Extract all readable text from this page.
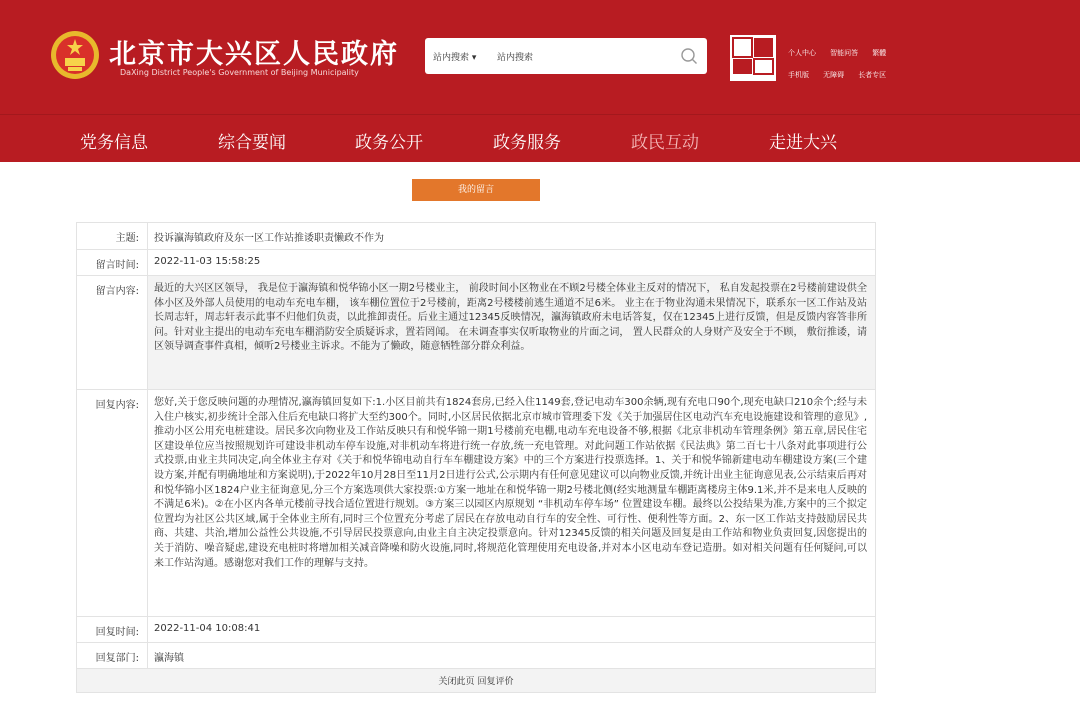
北京市大兴区人民政府
DaXing District People's Government of Beijing Municipality
站内搜索 ▾ 站内搜索	个人中心 智能问答 繁體
手机版 无障碍 长者专区
党务信息	综合要闻	政务公开	政务服务	政民互动	走进大兴
我的留言
主题:	投诉瀛海镇政府及东一区工作站推诿职责懒政不作为
留言时间:	2022-11-03 15:58:25
留言内容:	最近的大兴区区领导， 我是位于瀛海镇和悦华锦小区一期2号楼业主， 前段时间小区物业在不顾2号楼全体业主反对的情况下， 私自发起投票在2号楼前建设供全体小区及外部人员使用的电动车充电车棚， 该车棚位置位于2号楼前，距离2号楼楼前逃生通道不足6米。 业主在于物业沟通未果情况下，联系东一区工作站及站长周志轩，周志轩表示此事不归他们负责，以此推卸责任。后业主通过12345反映情况，瀛海镇政府未电话答复，仅在12345上进行反馈，但是反馈内容答非所问。针对业主提出的电动车充电车棚消防安全质疑诉求，置若罔闻。 在未调查事实仅听取物业的片面之词， 置人民群众的人身财产及安全于不顾， 敷衍推诿，请区领导调查事件真相，倾听2号楼业主诉求。不能为了懒政，随意牺牲部分群众利益。
回复内容:	您好,关于您反映问题的办理情况,瀛海镇回复如下:1.小区目前共有1824套房,已经入住1149套,登记电动车300余辆,现有充电口90个,现充电缺口210余个;经与未入住户核实,初步统计全部入住后充电缺口将扩大至约300个。同时,小区居民依据北京市城市管理委下发《关于加强居住区电动汽车充电设施建设和管理的意见》,推动小区公用充电桩建设。居民多次向物业及工作站反映只有和悦华锦一期1号楼前充电棚,电动车充电设备不够,根据《北京非机动车管理条例》第五章,居民住宅区建设单位应当按照规划许可建设非机动车停车设施,对非机动车将进行统一存放,统一充电管理。对此问题工作站依据《民法典》第二百七十八条对此事项进行公式投票,由业主共同决定,向全体业主存对《关于和悦华锦电动自行车车棚建设方案》中的三个方案进行投票选择。1、关于和悦华锦新建电动车棚建设方案(三个建设方案,并配有明确地址和方案说明),于2022年10月28日至11月2日进行公式,公示期内有任何意见建议可以向物业反馈,并统计出业主征询意见表,公示结束后再对和悦华锦小区1824户业主征询意见,分三个方案选项供大家投票:①方案一地址在和悦华锦一期2号楼北侧(经实地测量车棚距离楼房主体9.1米,并不是来电人反映的不满足6米)。②在小区内各单元楼前寻找合适位置进行规划。③方案三以园区内原规划 “非机动车停车场” 位置建设车棚。最终以公投结果为准,方案中的三个拟定位置均为社区公共区域,属于全体业主所有,同时三个位置充分考虑了居民在存放电动自行车的安全性、可行性、便利性等方面。2、东一区工作站支持鼓励居民共商、共建、共治,增加公益性公共设施,不引导居民投票意向,由业主自主决定投票意向。针对12345反馈的相关问题及回复是由工作站和物业负责回复,因您提出的关于消防、噪音疑虑,建设充电桩时将增加相关减音降噪和防火设施,同时,将规范化管理使用充电设备,并对本小区电动车登记造册。如对相关问题有任何疑问,可以来工作站沟通。感谢您对我们工作的理解与支持。
回复时间:	2022-11-04 10:08:41
回复部门:	瀛海镇
关闭此页 回复评价	
